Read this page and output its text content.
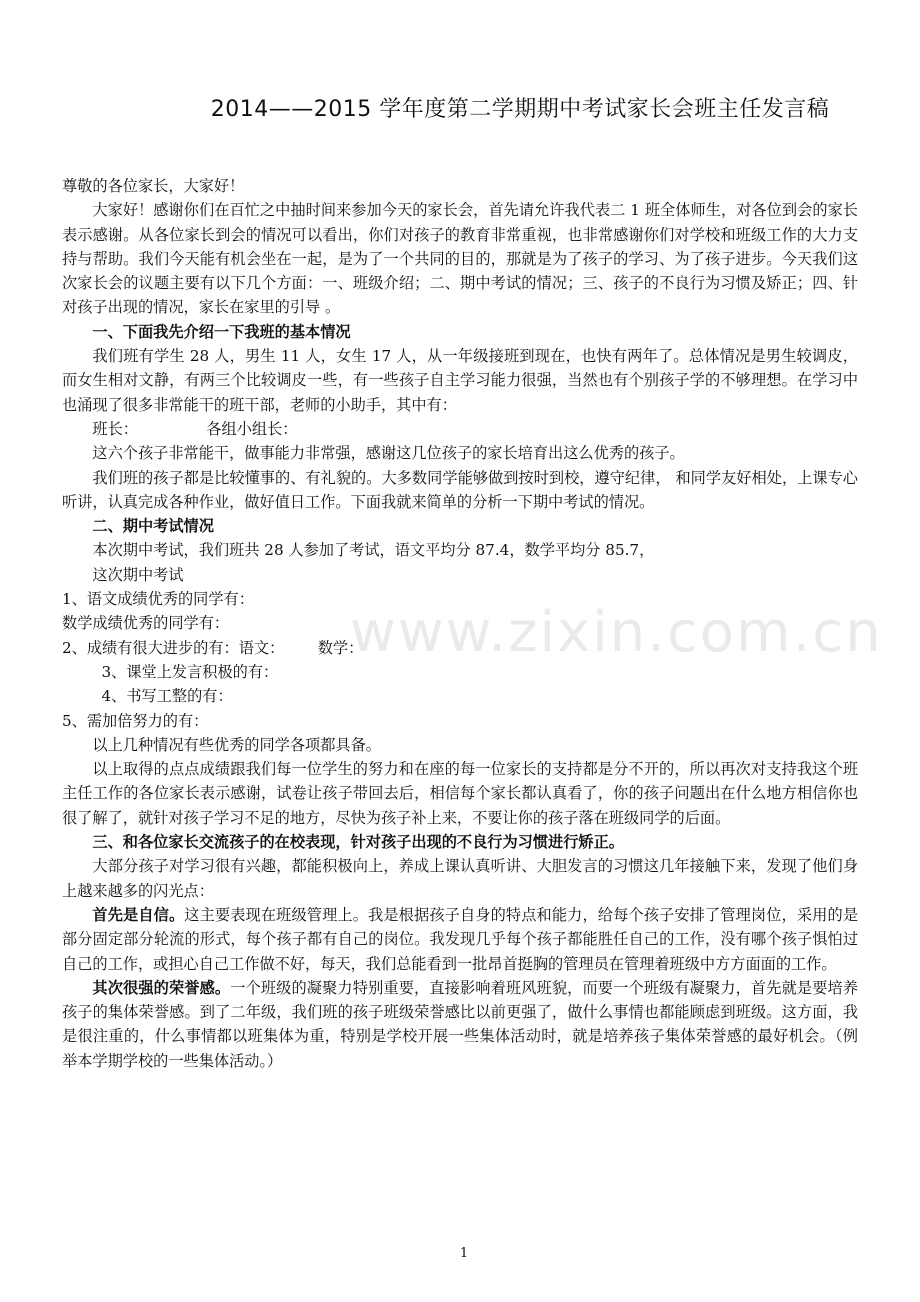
2014——2015 学年度第二学期期中考试家长会班主任发言稿
www.zixin.com.cn

尊敬的各位家长，大家好！

大家好！感谢你们在百忙之中抽时间来参加今天的家长会，首先请允许我代表二 1 班全体师生，对各位到会的家长表示感谢。从各位家长到会的情况可以看出，你们对孩子的教育非常重视，也非常感谢你们对学校和班级工作的大力支持与帮助。我们今天能有机会坐在一起，是为了一个共同的目的，那就是为了孩子的学习、为了孩子进步。今天我们这次家长会的议题主要有以下几个方面：一、班级介绍；二、期中考试的情况；三、孩子的不良行为习惯及矫正；四、针对孩子出现的情况，家长在家里的引导 。

一、下面我先介绍一下我班的基本情况

我们班有学生 28 人，男生 11 人，女生 17 人，从一年级接班到现在，也快有两年了。总体情况是男生较调皮，而女生相对文静，有两三个比较调皮一些，有一些孩子自主学习能力很强，当然也有个别孩子学的不够理想。在学习中也涌现了很多非常能干的班干部，老师的小助手，其中有：

班长：	各组小组长：

这六个孩子非常能干，做事能力非常强，感谢这几位孩子的家长培育出这么优秀的孩子。

我们班的孩子都是比较懂事的、有礼貌的。大多数同学能够做到按时到校，遵守纪律， 和同学友好相处，上课专心听讲，认真完成各种作业，做好值日工作。下面我就来简单的分析一下期中考试的情况。

二、期中考试情况

本次期中考试，我们班共 28 人参加了考试，语文平均分 87.4，数学平均分 85.7，

这次期中考试

1、语文成绩优秀的同学有：

数学成绩优秀的同学有：

2、成绩有很大进步的有：语文： 数学：

3、课堂上发言积极的有：

4、书写工整的有：

5、需加倍努力的有：

以上几种情况有些优秀的同学各项都具备。

以上取得的点点成绩跟我们每一位学生的努力和在座的每一位家长的支持都是分不开的，所以再次对支持我这个班主任工作的各位家长表示感谢，试卷让孩子带回去后，相信每个家长都认真看了，你的孩子问题出在什么地方相信你也很了解了，就针对孩子学习不足的地方，尽快为孩子补上来，不要让你的孩子落在班级同学的后面。

三、和各位家长交流孩子的在校表现，针对孩子出现的不良行为习惯进行矫正。

大部分孩子对学习很有兴趣，都能积极向上，养成上课认真听讲、大胆发言的习惯这几年接触下来，发现了他们身上越来越多的闪光点：

首先是自信。这主要表现在班级管理上。我是根据孩子自身的特点和能力，给每个孩子安排了管理岗位，采用的是部分固定部分轮流的形式，每个孩子都有自己的岗位。我发现几乎每个孩子都能胜任自己的工作，没有哪个孩子惧怕过自己的工作，或担心自己工作做不好，每天，我们总能看到一批昂首挺胸的管理员在管理着班级中方方面面的工作。

其次很强的荣誉感。一个班级的凝聚力特别重要，直接影响着班风班貌，而要一个班级有凝聚力，首先就是要培养孩子的集体荣誉感。到了二年级，我们班的孩子班级荣誉感比以前更强了，做什么事情也都能顾虑到班级。这方面，我是很注重的，什么事情都以班集体为重，特别是学校开展一些集体活动时，就是培养孩子集体荣誉感的最好机会。（例举本学期学校的一些集体活动。）

1
